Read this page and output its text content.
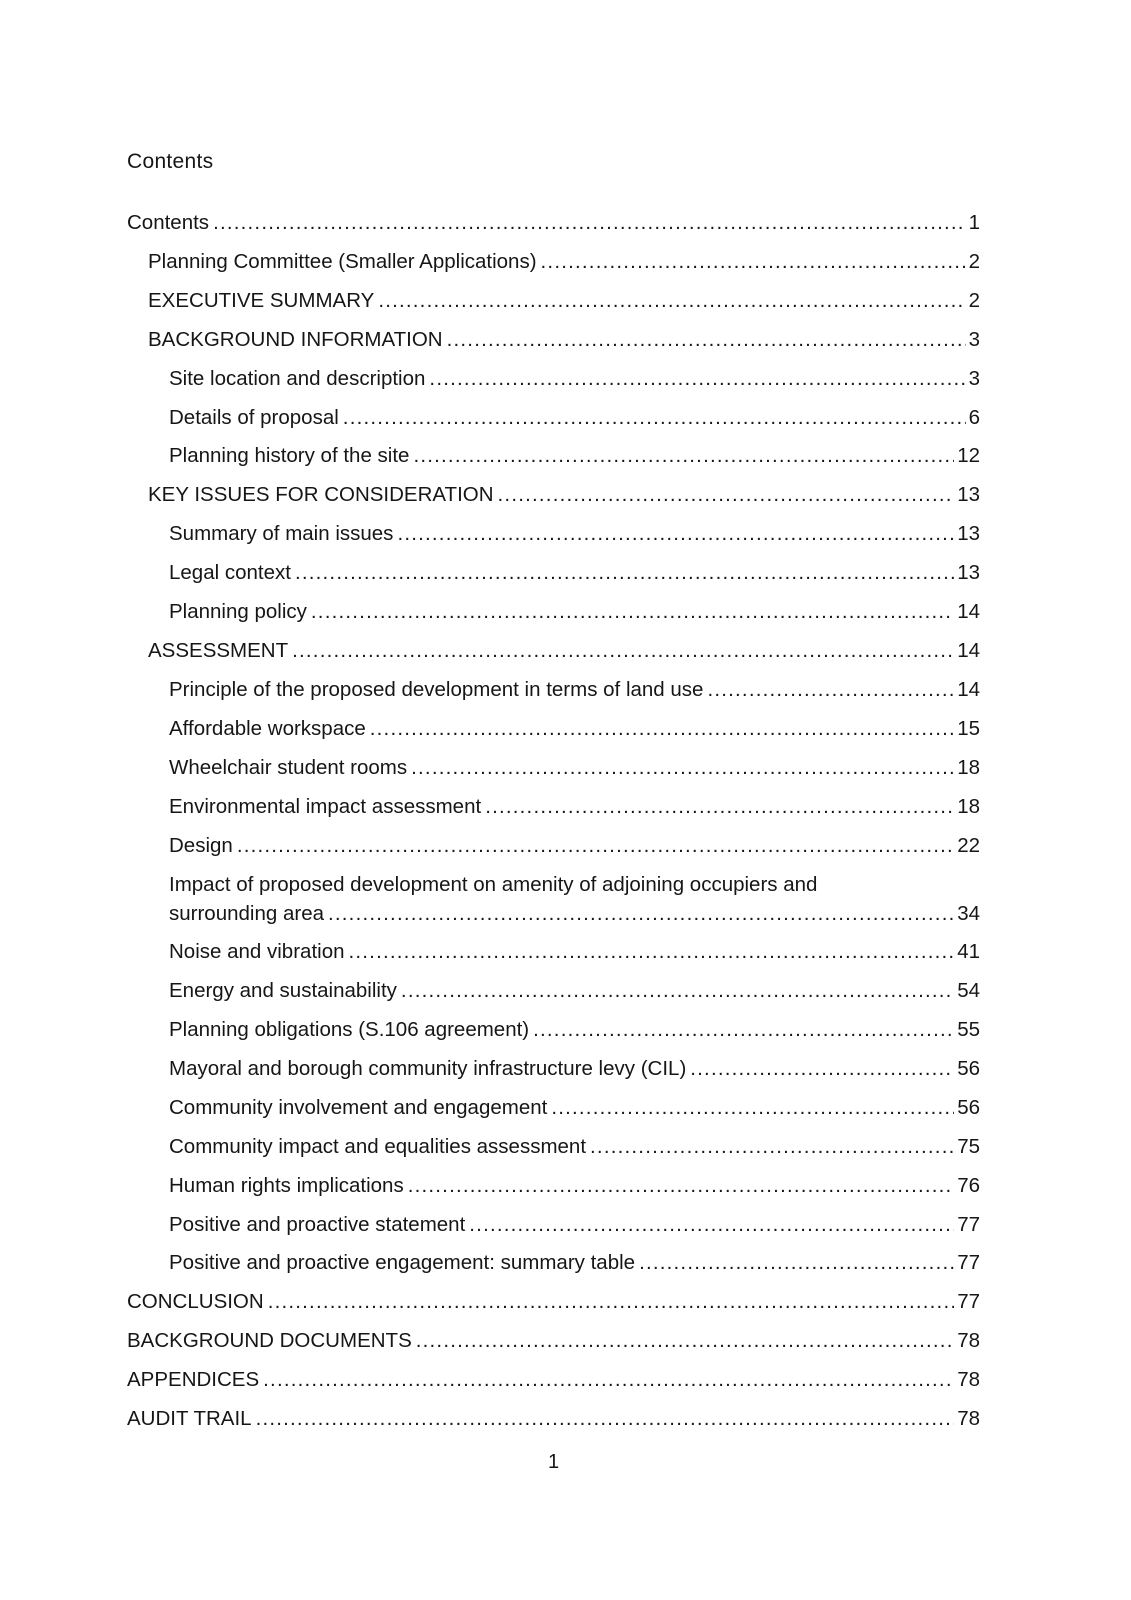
Contents
Contents .....	1
Planning Committee (Smaller Applications) .....	2
EXECUTIVE SUMMARY .....	2
BACKGROUND INFORMATION .....	3
Site location and description .....	3
Details of proposal .....	6
Planning history of the site .....	12
KEY ISSUES FOR CONSIDERATION .....	13
Summary of main issues .....	13
Legal context .....	13
Planning policy .....	14
ASSESSMENT .....	14
Principle of the proposed development in terms of land use .....	14
Affordable workspace .....	15
Wheelchair student rooms .....	18
Environmental impact assessment .....	18
Design .....	22
Impact of proposed development on amenity of adjoining occupiers and
surrounding area .....	34
Noise and vibration .....	41
Energy and sustainability .....	54
Planning obligations (S.106 agreement) .....	55
Mayoral and borough community infrastructure levy (CIL) .....	56
Community involvement and engagement .....	56
Community impact and equalities assessment .....	75
Human rights implications .....	76
Positive and proactive statement .....	77
Positive and proactive engagement: summary table .....	77
CONCLUSION .....	77
BACKGROUND DOCUMENTS .....	78
APPENDICES .....	78
AUDIT TRAIL .....	78
1
